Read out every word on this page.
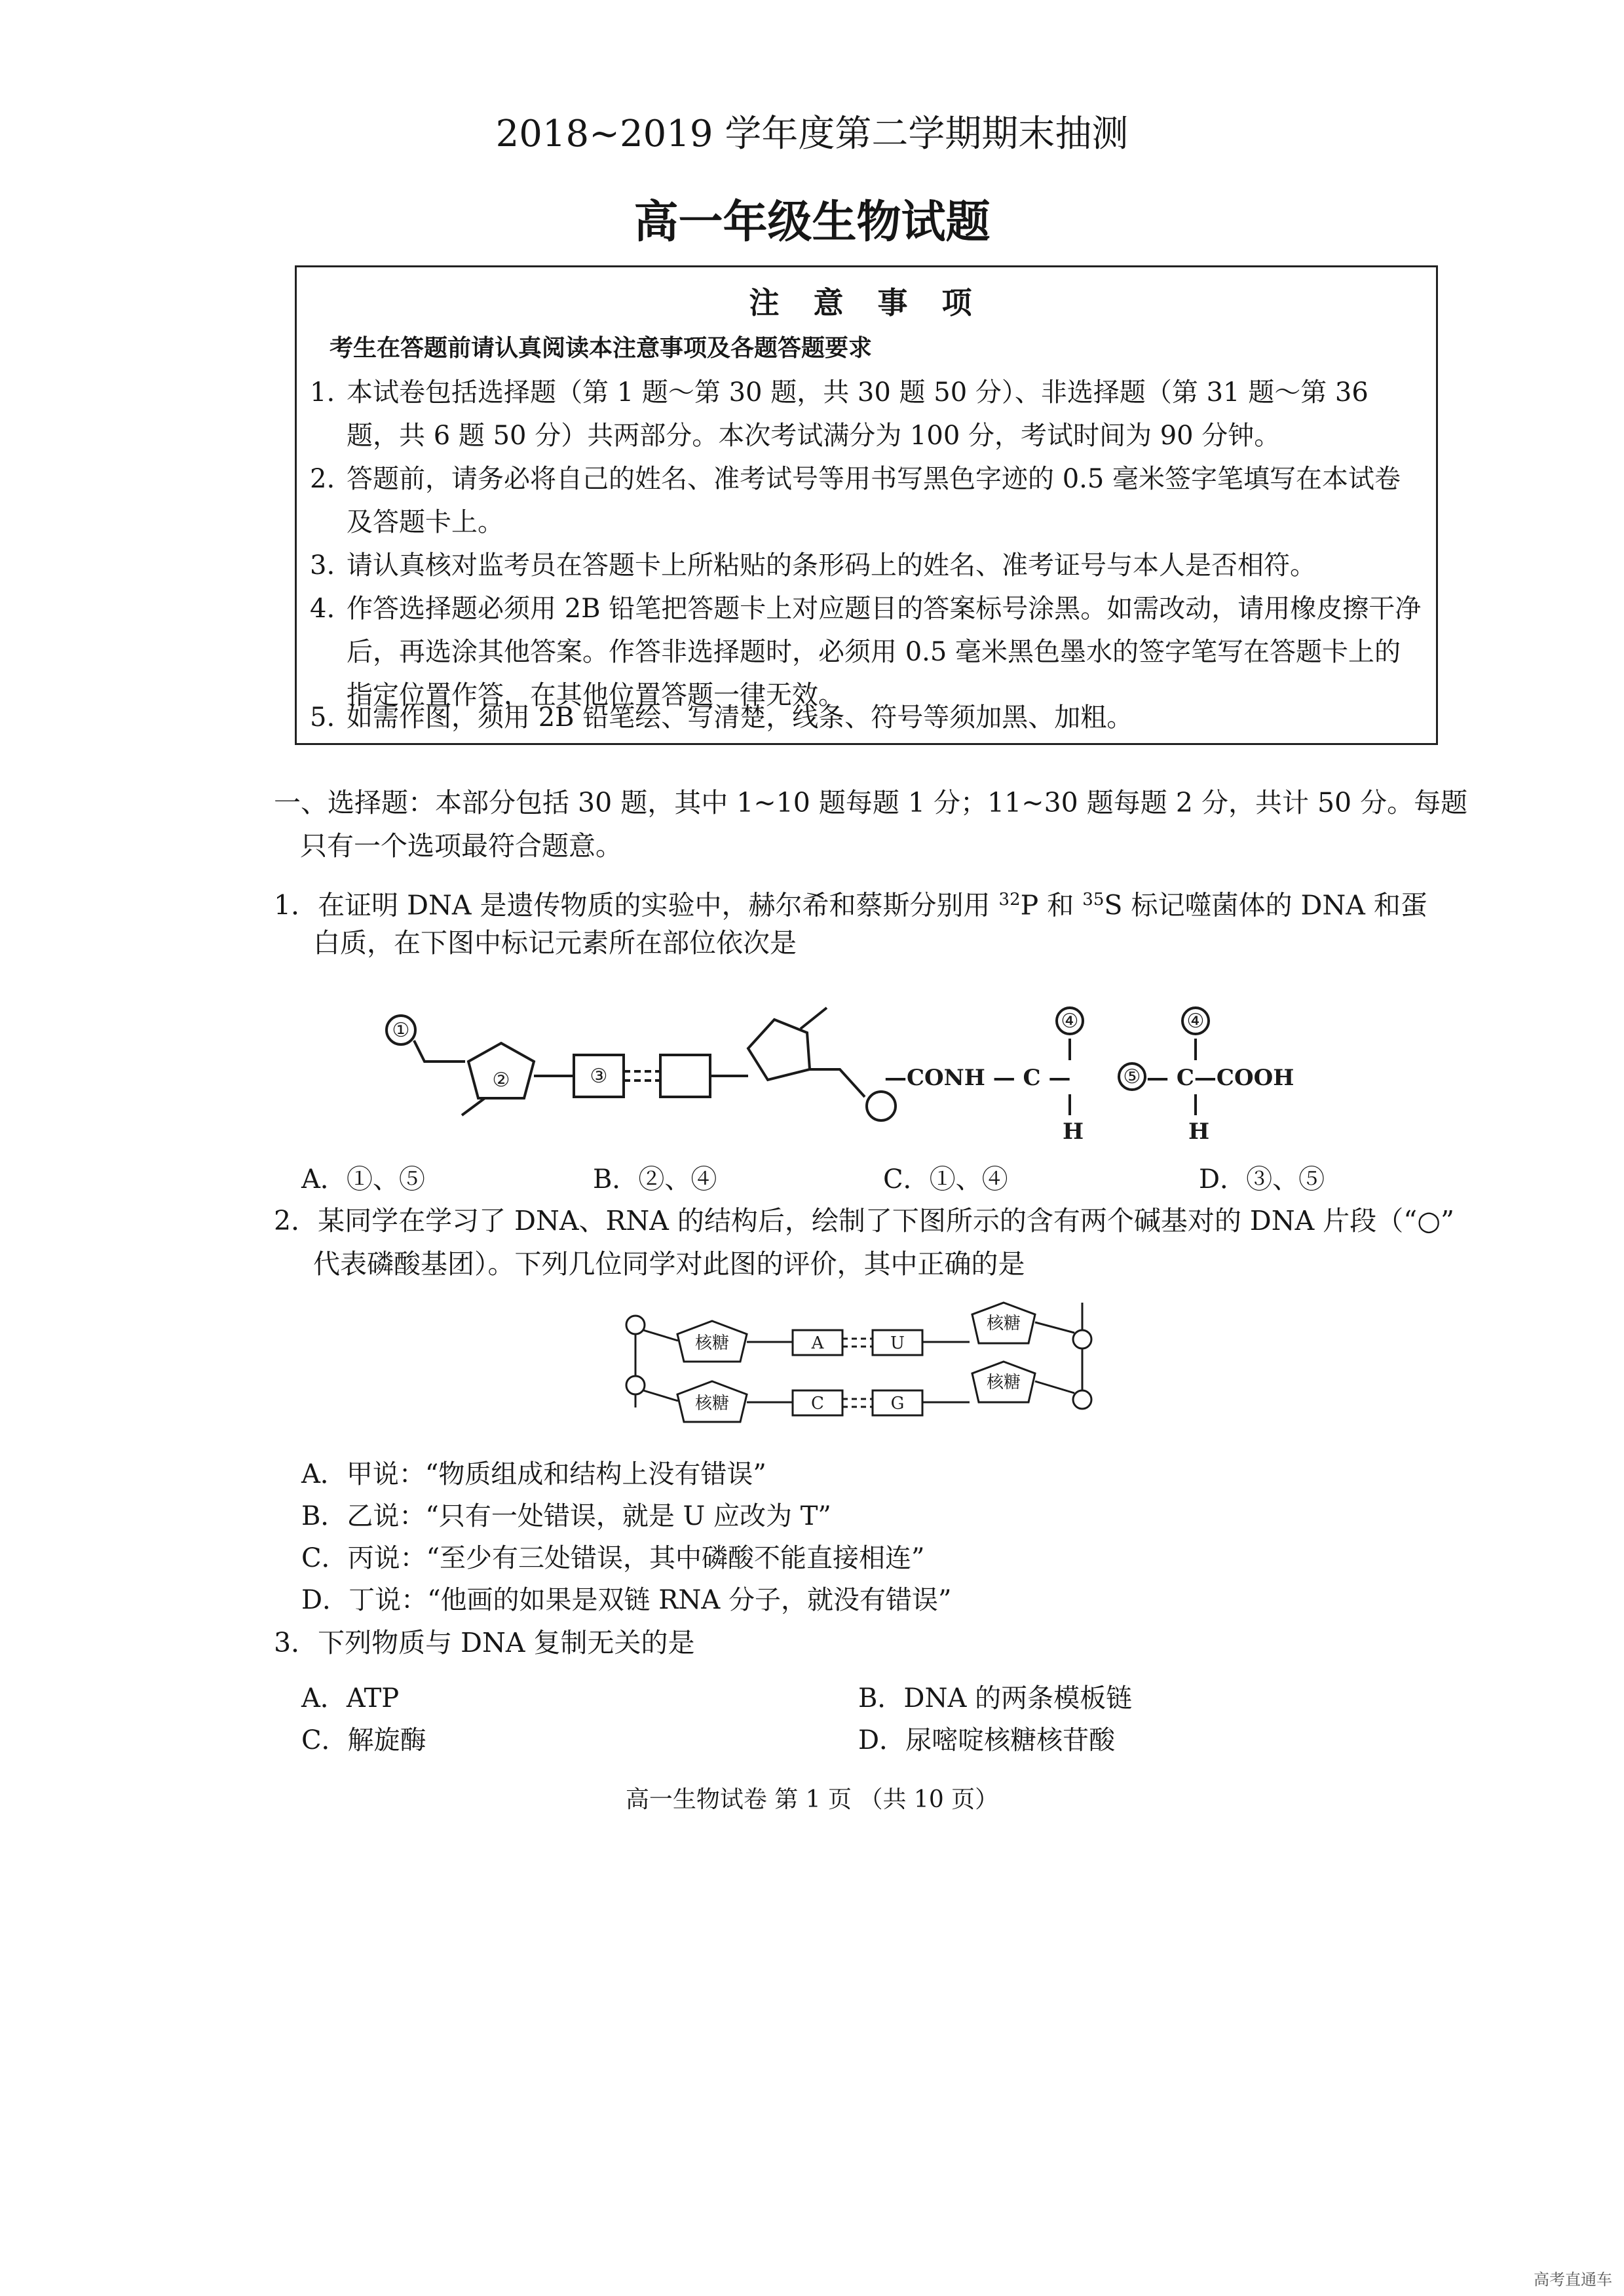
2018~2019 学年度第二学期期末抽测
高一年级生物试题
注 意 事 项
考生在答题前请认真阅读本注意事项及各题答题要求
1. 本试卷包括选择题（第 1 题～第 30 题，共 30 题 50 分）、非选择题（第 31 题～第 36 题，共 6 题 50 分）共两部分。本次考试满分为 100 分，考试时间为 90 分钟。
2. 答题前，请务必将自己的姓名、准考试号等用书写黑色字迹的 0.5 毫米签字笔填写在本试卷及答题卡上。
3. 请认真核对监考员在答题卡上所粘贴的条形码上的姓名、准考证号与本人是否相符。
4. 作答选择题必须用 2B 铅笔把答题卡上对应题目的答案标号涂黑。如需改动，请用橡皮擦干净后，再选涂其他答案。作答非选择题时，必须用 0.5 毫米黑色墨水的签字笔写在答题卡上的指定位置作答，在其他位置答题一律无效。
5. 如需作图，须用 2B 铅笔绘、写清楚，线条、符号等须加黑、加粗。
一、选择题：本部分包括 30 题，其中 1~10 题每题 1 分；11~30 题每题 2 分，共计 50 分。每题
只有一个选项最符合题意。
1．在证明 DNA 是遗传物质的实验中，赫尔希和蔡斯分别用 $^{32}$P 和 $^{35}$S 标记噬菌体的 DNA 和蛋
白质，在下图中标记元素所在部位依次是
①
②	③
④	④
⑤
—CONH — C —	— C—COOH
H	H
A．①、⑤	B．②、④	C．①、④	D．③、⑤
2．某同学在学习了 DNA、RNA 的结构后，绘制了下图所示的含有两个碱基对的 DNA 片段（“○”
代表磷酸基团）。下列几位同学对此图的评价，其中正确的是
核糖
核糖
核糖
核糖
A	U
C	G
A．甲说：“物质组成和结构上没有错误”
B．乙说：“只有一处错误，就是 U 应改为 T”
C．丙说：“至少有三处错误，其中磷酸不能直接相连”
D．丁说：“他画的如果是双链 RNA 分子，就没有错误”
3．下列物质与 DNA 复制无关的是
A．ATP	B．DNA 的两条模板链
C．解旋酶	D．尿嘧啶核糖核苷酸
高一生物试卷 第 1 页 （共 10 页）
高考直通车
